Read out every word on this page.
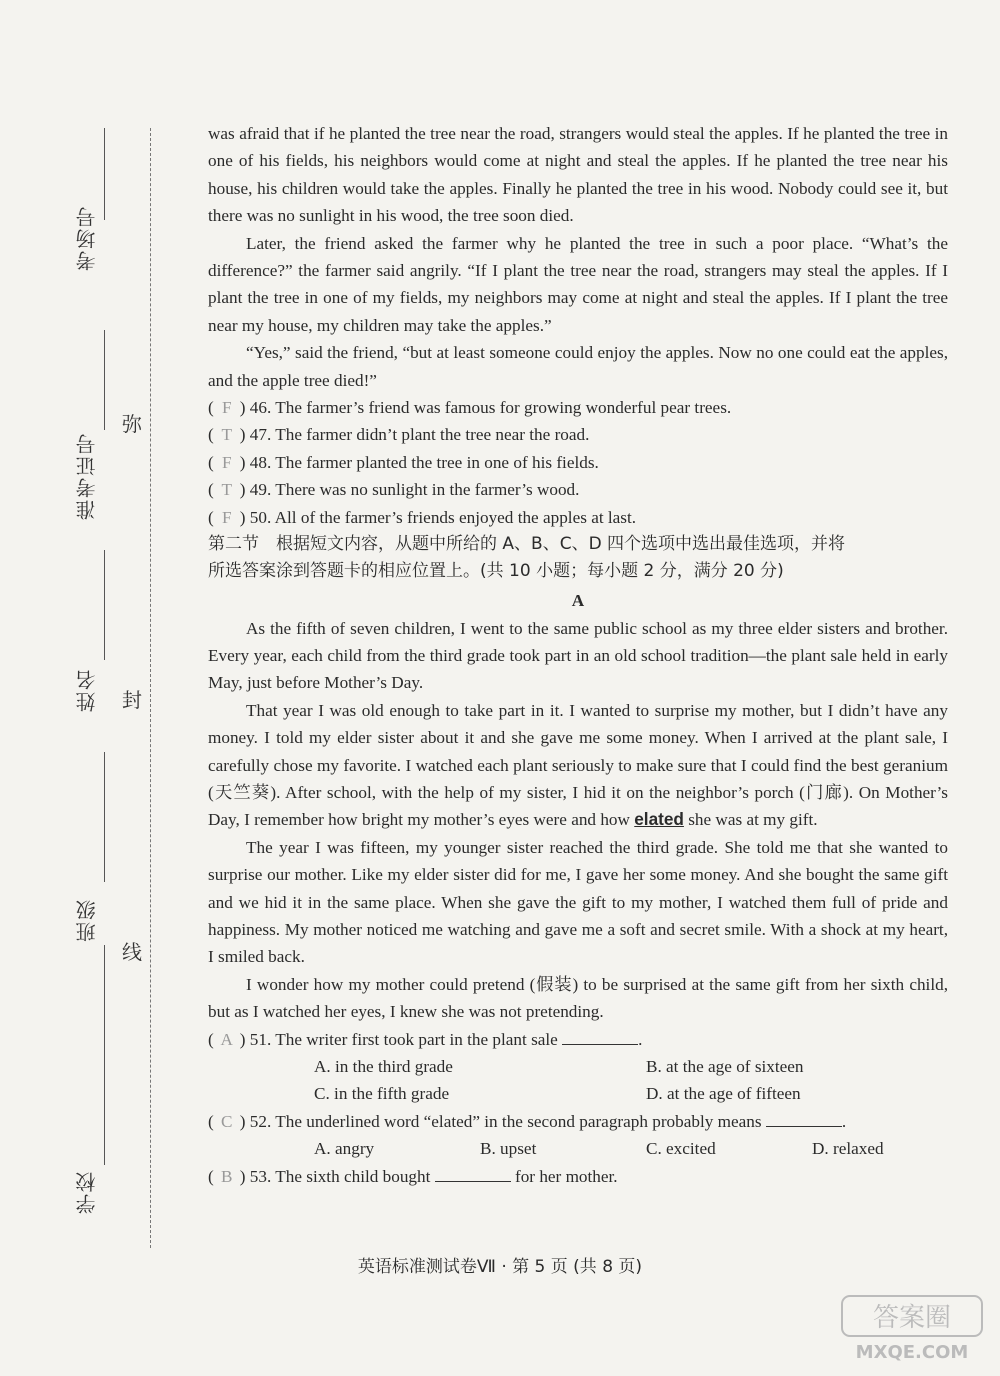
考场号
准考证号
姓名
班级
学校
弥
封
线

was afraid that if he planted the tree near the road, strangers would steal the apples. If he planted the tree in one of his fields, his neighbors would come at night and steal the apples. If he planted the tree near his house, his children would take the apples. Finally he planted the tree in his wood. Nobody could see it, but there was no sunlight in his wood, the tree soon died.

Later, the friend asked the farmer why he planted the tree in such a poor place. “What’s the difference?” the farmer said angrily. “If I plant the tree near the road, strangers may steal the apples. If I plant the tree in one of my fields, my neighbors may come at night and steal the apples. If I plant the tree near my house, my children may take the apples.”

“Yes,” said the friend, “but at least someone could enjoy the apples. Now no one could eat the apples, and the apple tree died!”

( F ) 46. The farmer’s friend was famous for growing wonderful pear trees.

( T ) 47. The farmer didn’t plant the tree near the road.

( F ) 48. The farmer planted the tree in one of his fields.

( T ) 49. There was no sunlight in the farmer’s wood.

( F ) 50. All of the farmer’s friends enjoyed the apples at last.

第二节　根据短文内容，从题中所给的 A、B、C、D 四个选项中选出最佳选项，并将

所选答案涂到答题卡的相应位置上。(共 10 小题；每小题 2 分，满分 20 分)

A

As the fifth of seven children, I went to the same public school as my three elder sisters and brother. Every year, each child from the third grade took part in an old school tradition—the plant sale held in early May, just before Mother’s Day.

That year I was old enough to take part in it. I wanted to surprise my mother, but I didn’t have any money. I told my elder sister about it and she gave me some money. When I arrived at the plant sale, I carefully chose my favorite. I watched each plant seriously to make sure that I could find the best geranium (天竺葵). After school, with the help of my sister, I hid it on the neighbor’s porch (门廊). On Mother’s Day, I remember how bright my mother’s eyes were and how elated she was at my gift.

The year I was fifteen, my younger sister reached the third grade. She told me that she wanted to surprise our mother. Like my elder sister did for me, I gave her some money. And she bought the same gift and we hid it in the same place. When she gave the gift to my mother, I watched them full of pride and happiness. My mother noticed me watching and gave me a soft and secret smile. With a shock at my heart, I smiled back.

I wonder how my mother could pretend (假装) to be surprised at the same gift from her sixth child, but as I watched her eyes, I knew she was not pretending.

( A ) 51. The writer first took part in the plant sale	.

A. in the third grade	B. at the age of sixteen

C. in the fifth grade	D. at the age of fifteen

( C ) 52. The underlined word “elated” in the second paragraph probably means	.

A. angry	B. upset	C. excited	D. relaxed

( B ) 53. The sixth child bought	for her mother.

英语标准测试卷Ⅶ · 第 5 页 (共 8 页)
答案圈
MXQE.COM
